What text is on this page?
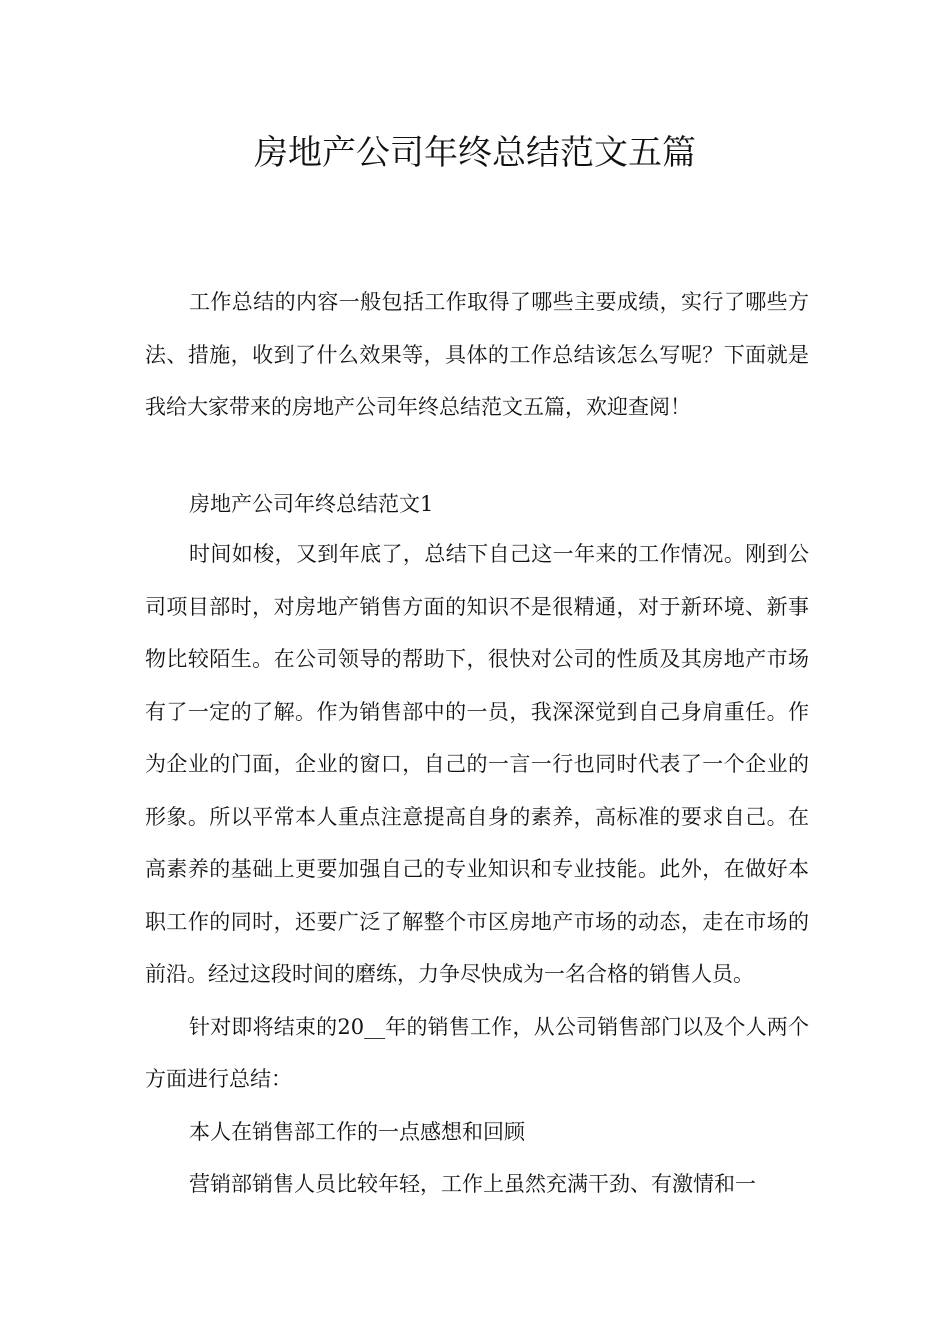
房地产公司年终总结范文五篇

工作总结的内容一般包括工作取得了哪些主要成绩，实行了哪些方法、措施，收到了什么效果等，具体的工作总结该怎么写呢？下面就是我给大家带来的房地产公司年终总结范文五篇，欢迎查阅！

房地产公司年终总结范文1

时间如梭，又到年底了，总结下自己这一年来的工作情况。刚到公司项目部时，对房地产销售方面的知识不是很精通，对于新环境、新事物比较陌生。在公司领导的帮助下，很快对公司的性质及其房地产市场有了一定的了解。作为销售部中的一员，我深深觉到自己身肩重任。作为企业的门面，企业的窗口，自己的一言一行也同时代表了一个企业的形象。所以平常本人重点注意提高自身的素养，高标准的要求自己。在高素养的基础上更要加强自己的专业知识和专业技能。此外，在做好本职工作的同时，还要广泛了解整个市区房地产市场的动态，走在市场的前沿。经过这段时间的磨练，力争尽快成为一名合格的销售人员。

针对即将结束的20__年的销售工作，从公司销售部门以及个人两个方面进行总结：

本人在销售部工作的一点感想和回顾

营销部销售人员比较年轻，工作上虽然充满干劲、有激情和一
